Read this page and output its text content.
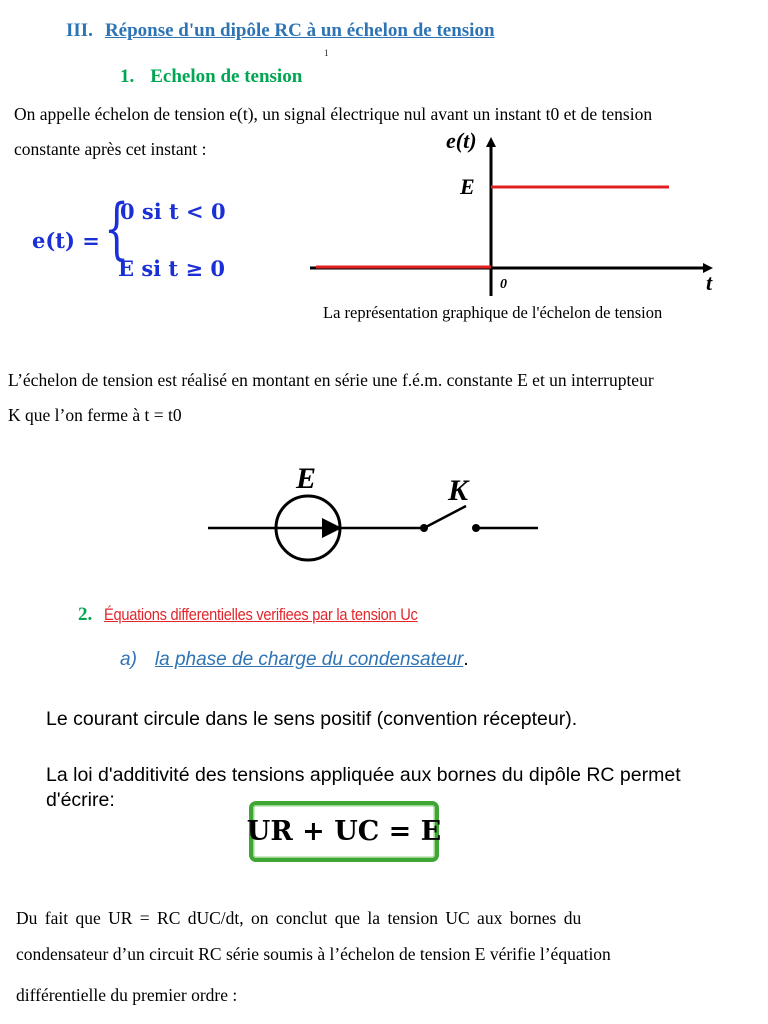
III. Réponse d'un dipôle RC à un échelon de tension
1
1. Echelon de tension

On appelle échelon de tension e(t), un signal électrique nul avant un instant t0 et de tension

constante après cet instant :

e(t) = {
0 si t < 0
E si t ≥ 0
e(t)
E
0	t

La représentation graphique de l'échelon de tension

L’échelon de tension est réalisé en montant en série une f.é.m. constante E et un interrupteur

K que l’on ferme à t = t0

E	K
2. Équations differentielles verifiees par la tension Uc
a) la phase de charge du condensateur.

Le courant circule dans le sens positif (convention récepteur).

La loi d'additivité des tensions appliquée aux bornes du dipôle RC permet

d'écrire:

UR + UC = E

Du fait que UR = RC dUC/dt, on conclut que la tension UC aux bornes du

condensateur d’un circuit RC série soumis à l’échelon de tension E vérifie l’équation

différentielle du premier ordre :
